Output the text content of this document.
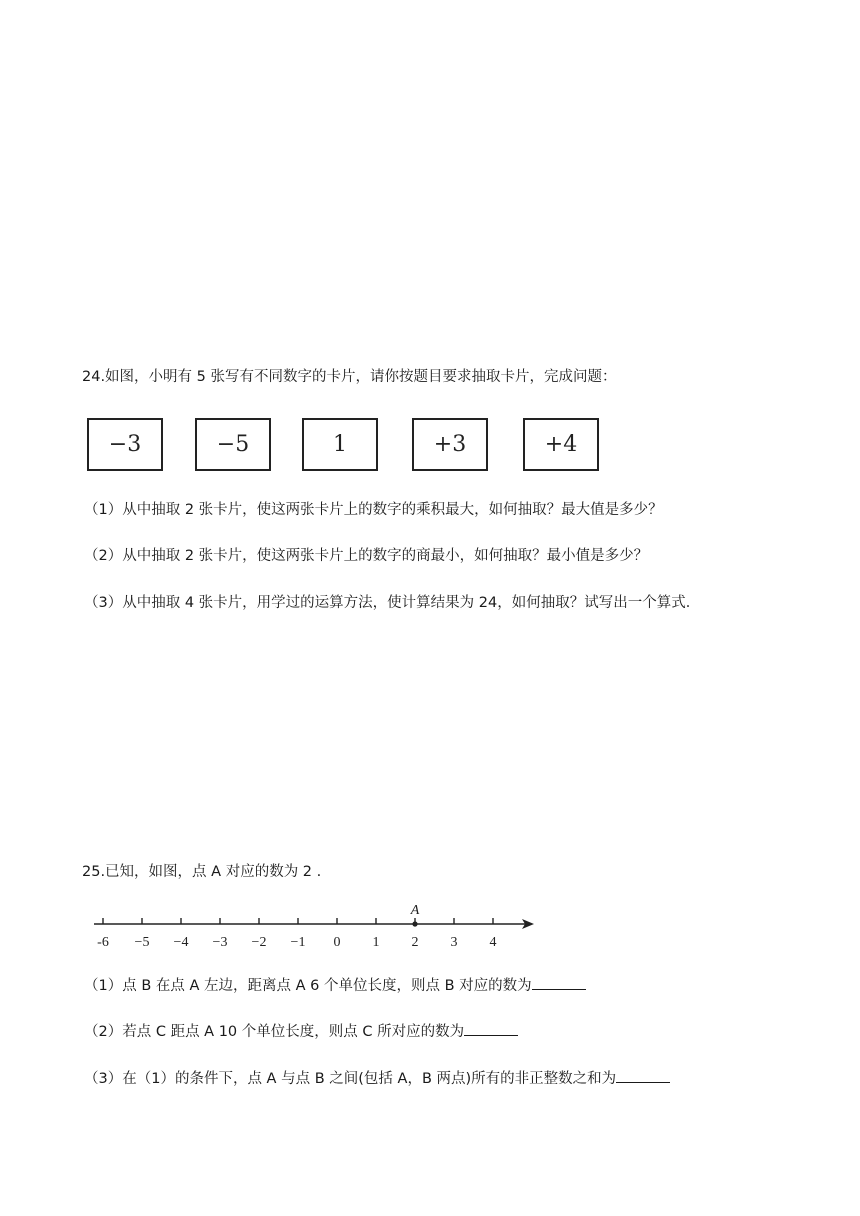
24.如图，小明有 5 张写有不同数字的卡片，请你按题目要求抽取卡片，完成问题：
−3	−5	1	+3	+4
（1）从中抽取 2 张卡片，使这两张卡片上的数字的乘积最大，如何抽取？最大值是多少？
（2）从中抽取 2 张卡片，使这两张卡片上的数字的商最小，如何抽取？最小值是多少？
（3）从中抽取 4 张卡片，用学过的运算方法，使计算结果为 24，如何抽取？试写出一个算式．
25.已知，如图，点 A 对应的数为 2 .
-6 −5 −4 −3 −2 −1 0 1 2 3 4
A
（1）点 B 在点 A 左边，距离点 A 6 个单位长度，则点 B 对应的数为
（2）若点 C 距点 A 10 个单位长度，则点 C 所对应的数为
（3）在（1）的条件下，点 A 与点 B 之间(包括 A，B 两点)所有的非正整数之和为
